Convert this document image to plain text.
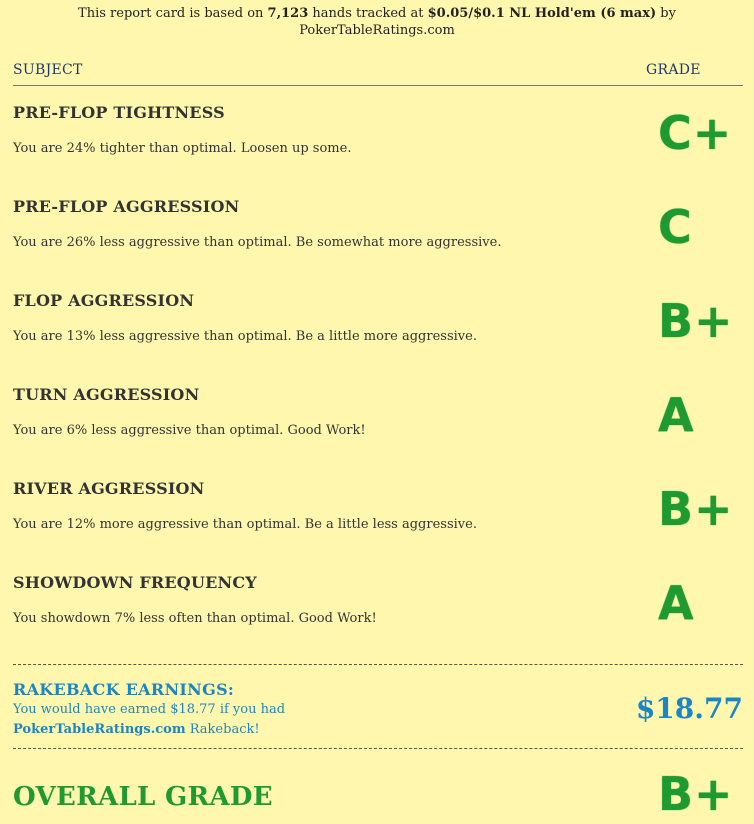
This report card is based on 7,123 hands tracked at $0.05/$0.1 NL Hold'em (6 max) by
PokerTableRatings.com
SUBJECT	GRADE
PRE-FLOP TIGHTNESS
You are 24% tighter than optimal. Loosen up some.	C+
PRE-FLOP AGGRESSION
You are 26% less aggressive than optimal. Be somewhat more aggressive.	C
FLOP AGGRESSION
You are 13% less aggressive than optimal. Be a little more aggressive.	B+
TURN AGGRESSION
You are 6% less aggressive than optimal. Good Work!	A
RIVER AGGRESSION
You are 12% more aggressive than optimal. Be a little less aggressive.	B+
SHOWDOWN FREQUENCY
You showdown 7% less often than optimal. Good Work!	A
RAKEBACK EARNINGS:
You would have earned $18.77 if you had
PokerTableRatings.com Rakeback!
$18.77
OVERALL GRADE	B+
